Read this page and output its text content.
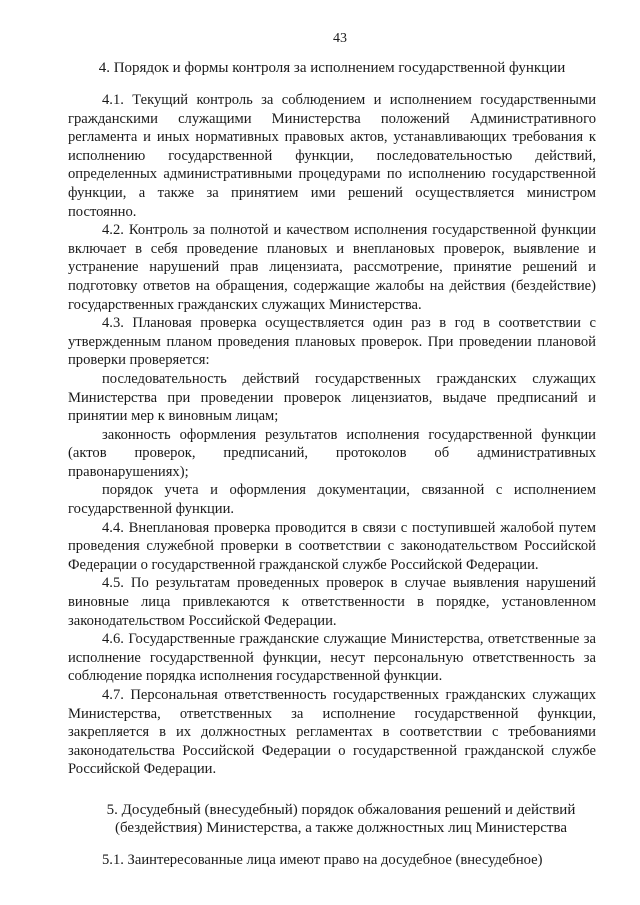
43
4. Порядок и формы контроля за исполнением государственной функции

4.1. Текущий контроль за соблюдением и исполнением государственными гражданскими служащими Министерства положений Административного регламента и иных нормативных правовых актов, устанавливающих требования к исполнению государственной функции, последовательностью действий, определенных административными процедурами по исполнению государственной функции, а также за принятием ими решений осуществляется министром постоянно.

4.2. Контроль за полнотой и качеством исполнения государственной функции включает в себя проведение плановых и внеплановых проверок, выявление и устранение нарушений прав лицензиата, рассмотрение, принятие решений и подготовку ответов на обращения, содержащие жалобы на действия (бездействие) государственных гражданских служащих Министерства.

4.3. Плановая проверка осуществляется один раз в год в соответствии с утвержденным планом проведения плановых проверок. При проведении плановой проверки проверяется:

последовательность действий государственных гражданских служащих Министерства при проведении проверок лицензиатов, выдаче предписаний и принятии мер к виновным лицам;

законность оформления результатов исполнения государственной функции (актов проверок, предписаний, протоколов об административных правонарушениях);

порядок учета и оформления документации, связанной с исполнением государственной функции.

4.4. Внеплановая проверка проводится в связи с поступившей жалобой путем проведения служебной проверки в соответствии с законодательством Российской Федерации о государственной гражданской службе Российской Федерации.

4.5. По результатам проведенных проверок в случае выявления нарушений виновные лица привлекаются к ответственности в порядке, установленном законодательством Российской Федерации.

4.6. Государственные гражданские служащие Министерства, ответственные за исполнение государственной функции, несут персональную ответственность за соблюдение порядка исполнения государственной функции.

4.7. Персональная ответственность государственных гражданских служащих Министерства, ответственных за исполнение государственной функции, закрепляется в их должностных регламентах в соответствии с требованиями законодательства Российской Федерации о государственной гражданской службе Российской Федерации.

5. Досудебный (внесудебный) порядок обжалования решений и действий (бездействия) Министерства, а также должностных лиц Министерства

5.1. Заинтересованные лица имеют право на досудебное (внесудебное)
